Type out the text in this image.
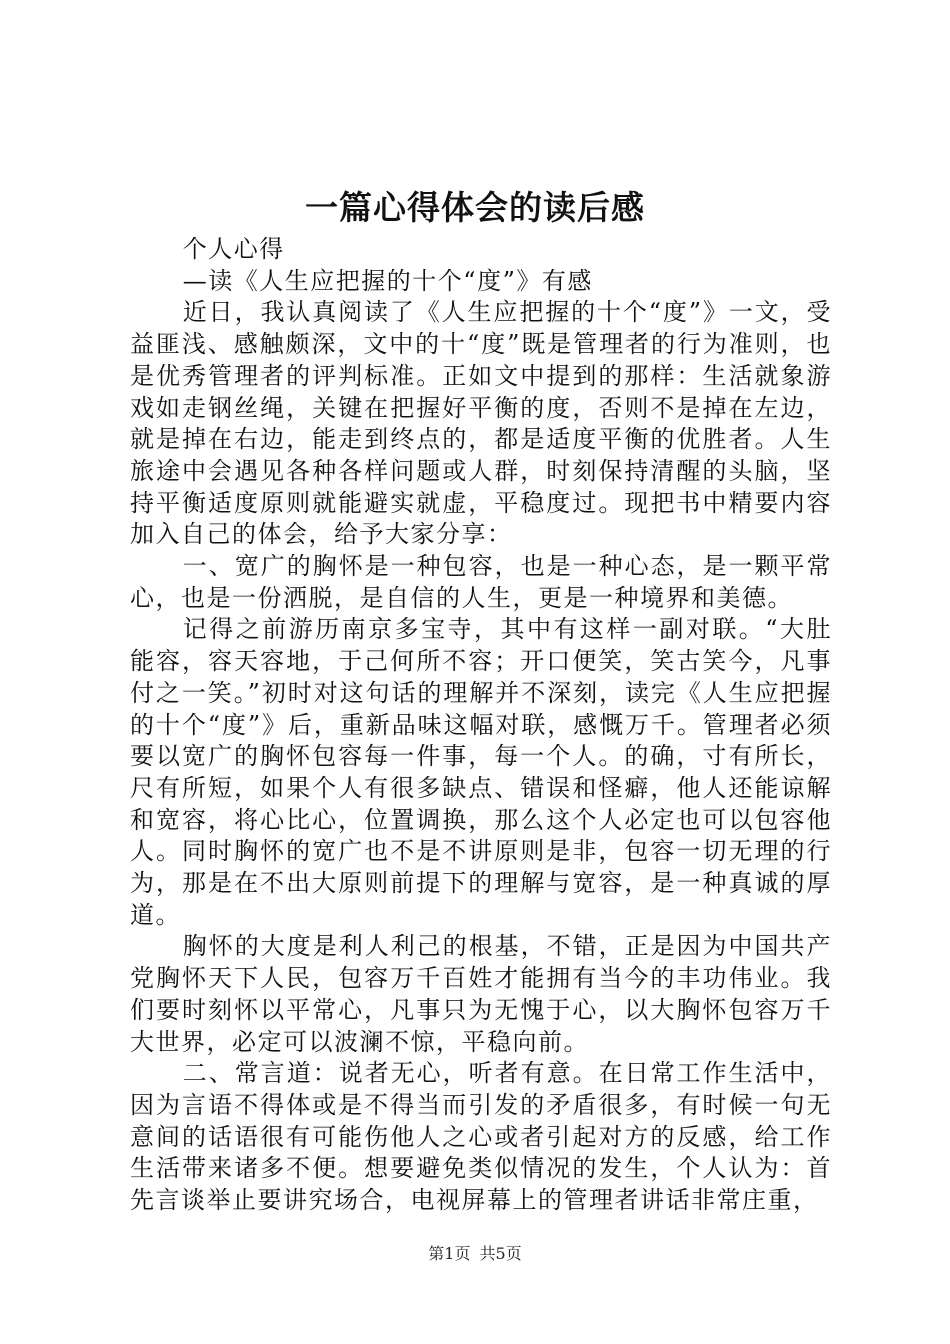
一篇心得体会的读后感

个人心得

—读《人生应把握的十个“度”》有感

近日，我认真阅读了《人生应把握的十个“度”》一文，受益匪浅、感触颇深，文中的十“度”既是管理者的行为准则，也是优秀管理者的评判标准。正如文中提到的那样：生活就象游戏如走钢丝绳，关键在把握好平衡的度，否则不是掉在左边，就是掉在右边，能走到终点的，都是适度平衡的优胜者。人生旅途中会遇见各种各样问题或人群，时刻保持清醒的头脑，坚持平衡适度原则就能避实就虚，平稳度过。现把书中精要内容加入自己的体会，给予大家分享：

一、宽广的胸怀是一种包容，也是一种心态，是一颗平常心，也是一份洒脱，是自信的人生，更是一种境界和美德。

记得之前游历南京多宝寺，其中有这样一副对联。“大肚能容，容天容地，于己何所不容；开口便笑，笑古笑今，凡事付之一笑。”初时对这句话的理解并不深刻，读完《人生应把握的十个“度”》后，重新品味这幅对联，感慨万千。管理者必须要以宽广的胸怀包容每一件事，每一个人。的确，寸有所长，尺有所短，如果个人有很多缺点、错误和怪癖，他人还能谅解和宽容，将心比心，位置调换，那么这个人必定也可以包容他人。同时胸怀的宽广也不是不讲原则是非，包容一切无理的行为，那是在不出大原则前提下的理解与宽容，是一种真诚的厚道。

胸怀的大度是利人利己的根基，不错，正是因为中国共产党胸怀天下人民，包容万千百姓才能拥有当今的丰功伟业。我们要时刻怀以平常心，凡事只为无愧于心，以大胸怀包容万千大世界，必定可以波澜不惊，平稳向前。

二、常言道：说者无心，听者有意。在日常工作生活中，因为言语不得体或是不得当而引发的矛盾很多，有时候一句无意间的话语很有可能伤他人之心或者引起对方的反感，给工作生活带来诸多不便。想要避免类似情况的发生，个人认为：首先言谈举止要讲究场合，电视屏幕上的管理者讲话非常庄重，

第1页 共5页
